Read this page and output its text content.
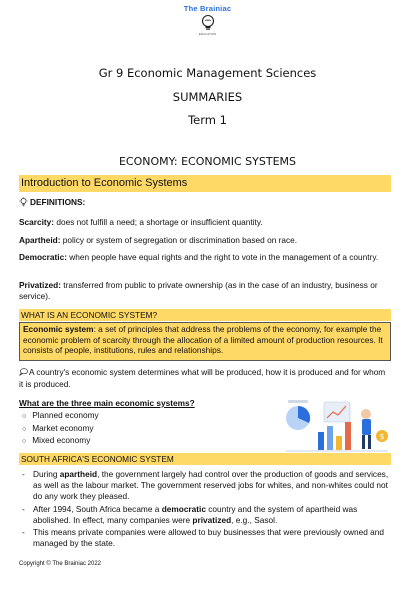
The Brainiac
EDUCATION
Gr 9 Economic Management Sciences
SUMMARIES
Term 1
ECONOMY: ECONOMIC SYSTEMS
Introduction to Economic Systems
DEFINITIONS:
Scarcity: does not fulfill a need; a shortage or insufficient quantity.
Apartheid: policy or system of segregation or discrimination based on race.
Democratic: when people have equal rights and the right to vote in the management of a country.
Privatized: transferred from public to private ownership (as in the case of an industry, business or service).
WHAT IS AN ECONOMIC SYSTEM?
Economic system: a set of principles that address the problems of the economy, for example the economic problem of scarcity through the allocation of a limited amount of production resources. It consists of people, institutions, rules and relationships.
A country's economic system determines what will be produced, how it is produced and for whom it is produced.
What are the three main economic systems?
○ Planned economy
○ Market economy
○ Mixed economy	$
SOUTH AFRICA'S ECONOMIC SYSTEM
- During apartheid, the government largely had control over the production of goods and services, as well as the labour market. The government reserved jobs for whites, and non-whites could not do any work they pleased.
- After 1994, South Africa became a democratic country and the system of apartheid was abolished. In effect, many companies were privatized, e.g., Sasol.
- This means private companies were allowed to buy businesses that were previously owned and managed by the state.
Copyright © The Brainiac 2022
